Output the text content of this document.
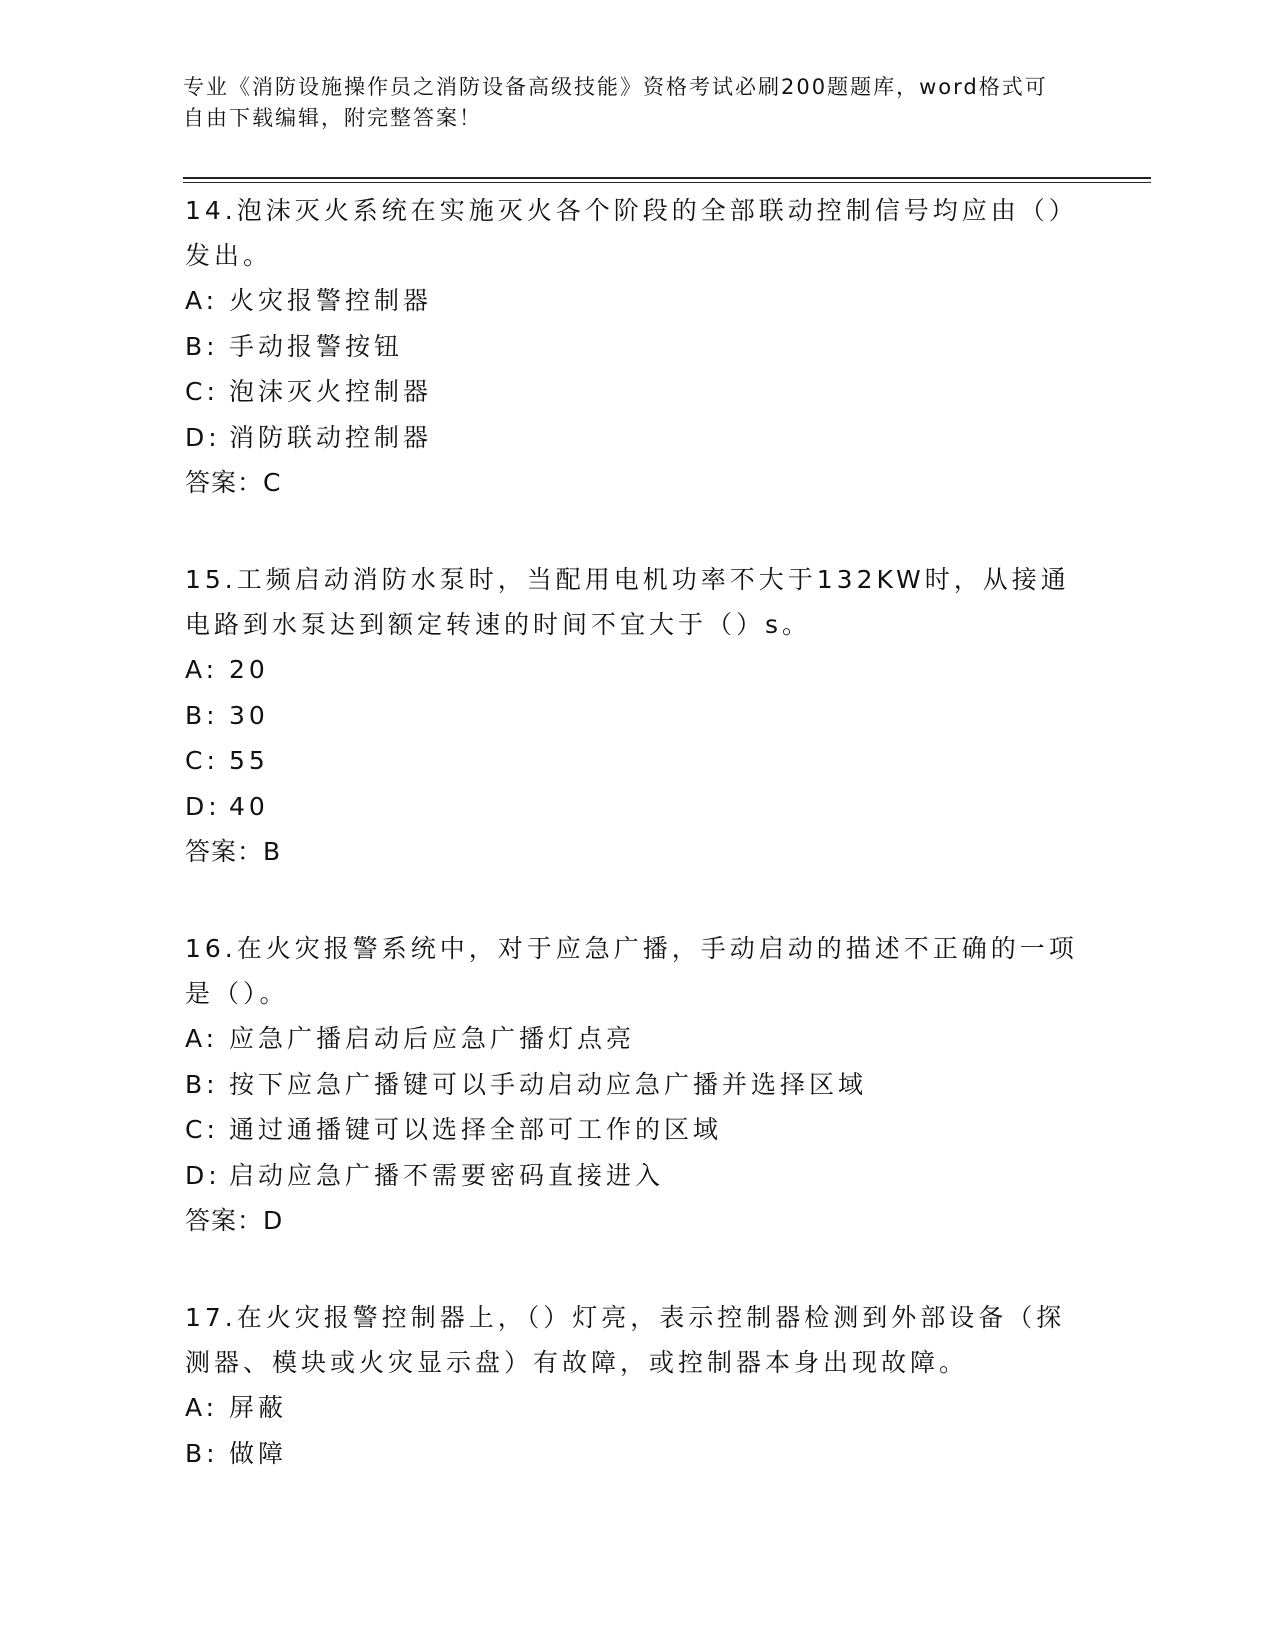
专业《消防设施操作员之消防设备高级技能》资格考试必刷200题题库，word格式可自由下载编辑，附完整答案！

14.泡沫灭火系统在实施灭火各个阶段的全部联动控制信号均应由（）发出。

A: 火灾报警控制器

B: 手动报警按钮

C: 泡沫灭火控制器

D: 消防联动控制器

答案：C

15.工频启动消防水泵时，当配用电机功率不大于132KW时，从接通电路到水泵达到额定转速的时间不宜大于（）s。

A: 20

B: 30

C: 55

D: 40

答案：B

16.在火灾报警系统中，对于应急广播，手动启动的描述不正确的一项是（）。

A: 应急广播启动后应急广播灯点亮

B: 按下应急广播键可以手动启动应急广播并选择区域

C: 通过通播键可以选择全部可工作的区域

D: 启动应急广播不需要密码直接进入

答案：D

17.在火灾报警控制器上，（）灯亮，表示控制器检测到外部设备（探测器、模块或火灾显示盘）有故障，或控制器本身出现故障。

A: 屏蔽

B: 做障
